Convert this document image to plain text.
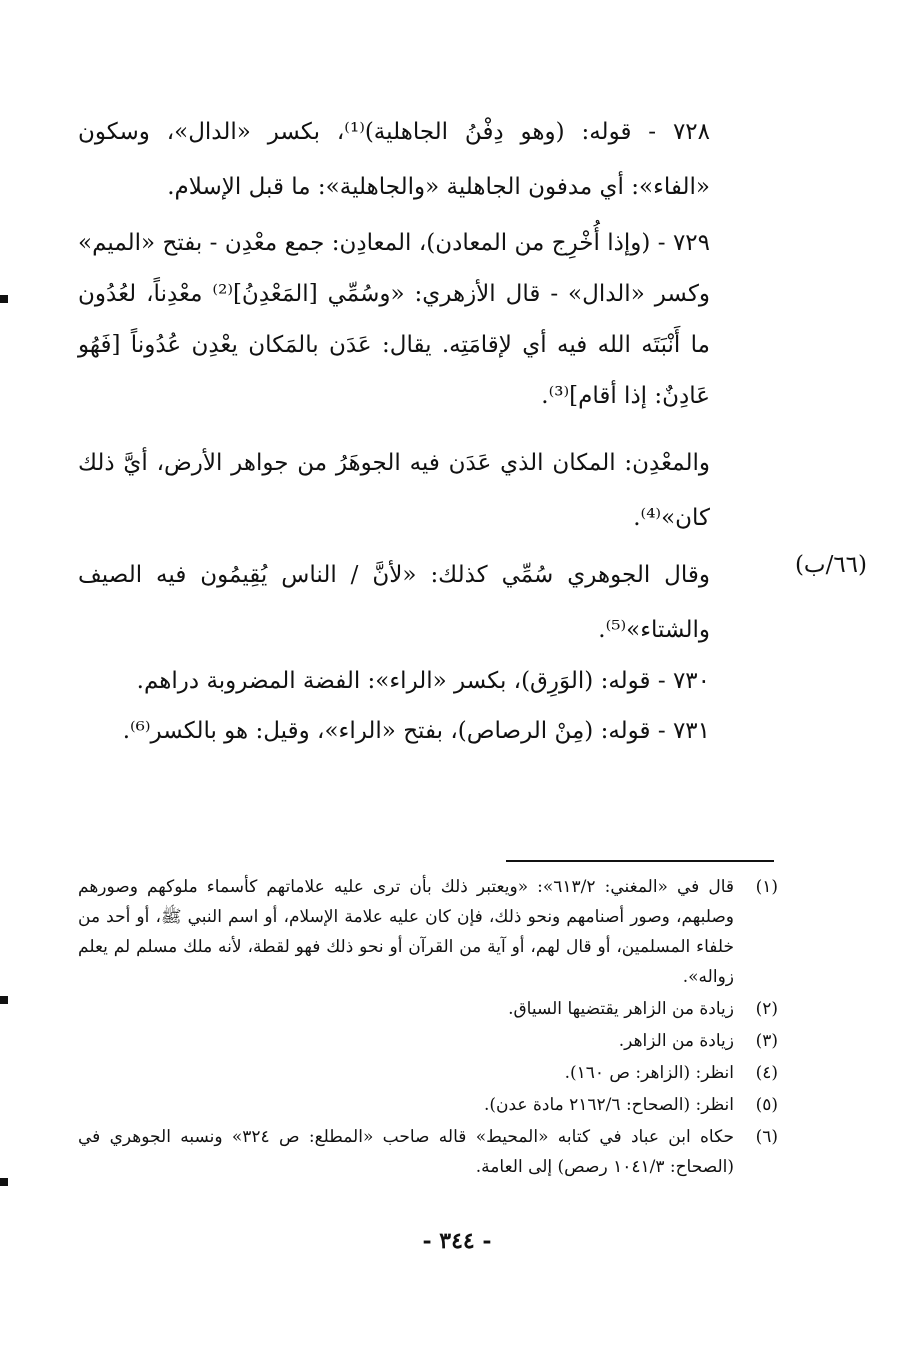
٧٢٨ - قوله: (وهو دِفْنُ الجاهلية)⁽¹⁾، بكسر «الدال»، وسكون «الفاء»: أي مدفون الجاهلية «والجاهلية»: ما قبل الإسلام.

٧٢٩ - (وإذا أُخْرِج من المعادن)، المعادِن: جمع معْدِن - بفتح «الميم» وكسر «الدال» - قال الأزهري: «وسُمِّي [المَعْدِنُ]⁽²⁾ معْدِناً، لعُدُون ما أَنْبَتَه الله فيه أي لإقامَتِه. يقال: عَدَن بالمَكان يعْدِن عُدُوناً [فَهُو عَادِنٌ: إذا أقام]⁽³⁾.

والمعْدِن: المكان الذي عَدَن فيه الجوهَرُ من جواهر الأرض، أيَّ ذلك كان»⁽⁴⁾.

وقال الجوهري سُمِّي كذلك: «لأنَّ / الناس يُقِيمُون فيه الصيف والشتاء»⁽⁵⁾.

(٦٦/ب)

٧٣٠ - قوله: (الوَرِق)، بكسر «الراء»: الفضة المضروبة دراهم.

٧٣١ - قوله: (مِنْ الرصاص)، بفتح «الراء»، وقيل: هو بالكسر⁽⁶⁾.

(١)
قال في «المغني: ٦١٣/٢»: «ويعتبر ذلك بأن ترى عليه علاماتهم كأسماء ملوكهم وصورهم وصلبهم، وصور أصنامهم ونحو ذلك، فإن كان عليه علامة الإسلام، أو اسم النبي ﷺ، أو أحد من خلفاء المسلمين، أو قال لهم، أو آية من القرآن أو نحو ذلك فهو لقطة، لأنه ملك مسلم لم يعلم زواله».
(٢)
زيادة من الزاهر يقتضيها السياق.
(٣)
زيادة من الزاهر.
(٤)
انظر: (الزاهر: ص ١٦٠).
(٥)
انظر: (الصحاح: ٢١٦٢/٦ مادة عدن).
(٦)
حكاه ابن عباد في كتابه «المحيط» قاله صاحب «المطلع: ص ٣٢٤» ونسبه الجوهري في (الصحاح: ١٠٤١/٣ رصص) إلى العامة.
- ٣٤٤ -
